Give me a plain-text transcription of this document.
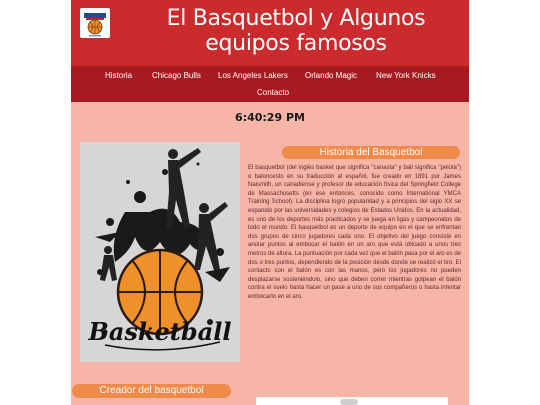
El Basquetbol y Algunos
equipos famosos
Historia Chicago Bulls Los Angeles Lakers Orlando Magic New York Knicks
Contacto
6:40:29 PM
Basketball
Historia del Basquetbol

El basquetbol (del inglés basket que significa "canasta" y ball significa "pelota") o baloncesto en su traducción al español, fue creado en 1891 por James Naismith, un canadiense y profesor de educación física del Springfield College de Massachusetts (en ese entonces, conocido como International YMCA Training School). La disciplina logró popularidad y a principios del siglo XX se expandió por las universidades y colegios de Estados Unidos. En la actualidad, es uno de los deportes más practicados y se juega en ligas y campeonatos de todo el mundo. El basquetbol es un deporte de equipo en el que se enfrentan dos grupos de cinco jugadores cada uno. El objetivo del juego consiste en anotar puntos al embocar el balón en un aro que está ubicado a unos tres metros de altura. La puntuación por cada vez que el balón pasa por el aro es de dos o tres puntos, dependiendo de la posición desde donde se realizó el tiro. El contacto con el balón es con las manos, pero los jugadores no pueden desplazarse sosteniéndolo, sino que deben correr mientras golpean el balón contra el suelo hasta hacer un pase a uno de sus compañeros o hasta intentar embocarlo en el aro.

Creador del basquetbol
